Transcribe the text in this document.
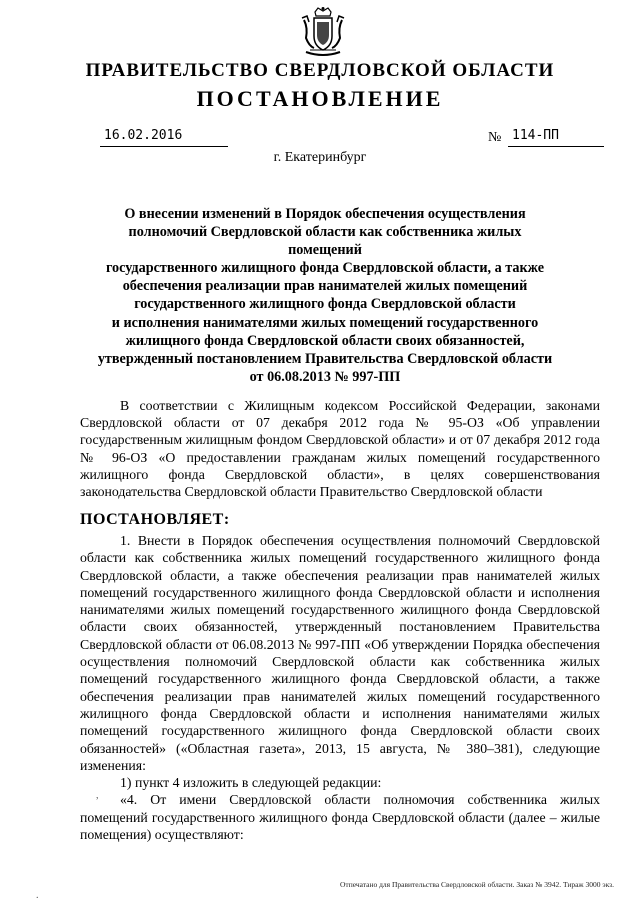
ПРАВИТЕЛЬСТВО СВЕРДЛОВСКОЙ ОБЛАСТИ
ПОСТАНОВЛЕНИЕ
16.02.2016	№ 114-ПП
г. Екатеринбург
О внесении изменений в Порядок обеспечения осуществления
полномочий Свердловской области как собственника жилых помещений
государственного жилищного фонда Свердловской области, а также
обеспечения реализации прав нанимателей жилых помещений
государственного жилищного фонда Свердловской области
и исполнения нанимателями жилых помещений государственного
жилищного фонда Свердловской области своих обязанностей,
утвержденный постановлением Правительства Свердловской области
от 06.08.2013 № 997-ПП
В соответствии с Жилищным кодексом Российской Федерации, законами Свердловской области от 07 декабря 2012 года № 95-ОЗ «Об управлении государственным жилищным фондом Свердловской области» и от 07 декабря 2012 года № 96-ОЗ «О предоставлении гражданам жилых помещений государственного жилищного фонда Свердловской области», в целях совершенствования законодательства Свердловской области Правительство Свердловской области
ПОСТАНОВЛЯЕТ:

1. Внести в Порядок обеспечения осуществления полномочий Свердловской области как собственника жилых помещений государственного жилищного фонда Свердловской области, а также обеспечения реализации прав нанимателей жилых помещений государственного жилищного фонда Свердловской области и исполнения нанимателями жилых помещений государственного жилищного фонда Свердловской области своих обязанностей, утвержденный постановлением Правительства Свердловской области от 06.08.2013 № 997-ПП «Об утверждении Порядка обеспечения осуществления полномочий Свердловской области как собственника жилых помещений государственного жилищного фонда Свердловской области, а также обеспечения реализации прав нанимателей жилых помещений государственного жилищного фонда Свердловской области и исполнения нанимателями жилых помещений государственного жилищного фонда Свердловской области своих обязанностей» («Областная газета», 2013, 15 августа, № 380–381), следующие изменения:

1) пункт 4 изложить в следующей редакции:

«4. От имени Свердловской области полномочия собственника жилых помещений государственного жилищного фонда Свердловской области (далее – жилые помещения) осуществляют:

Отпечатано для Правительства Свердловской области. Заказ № 3942. Тираж 3000 экз.
,
.
